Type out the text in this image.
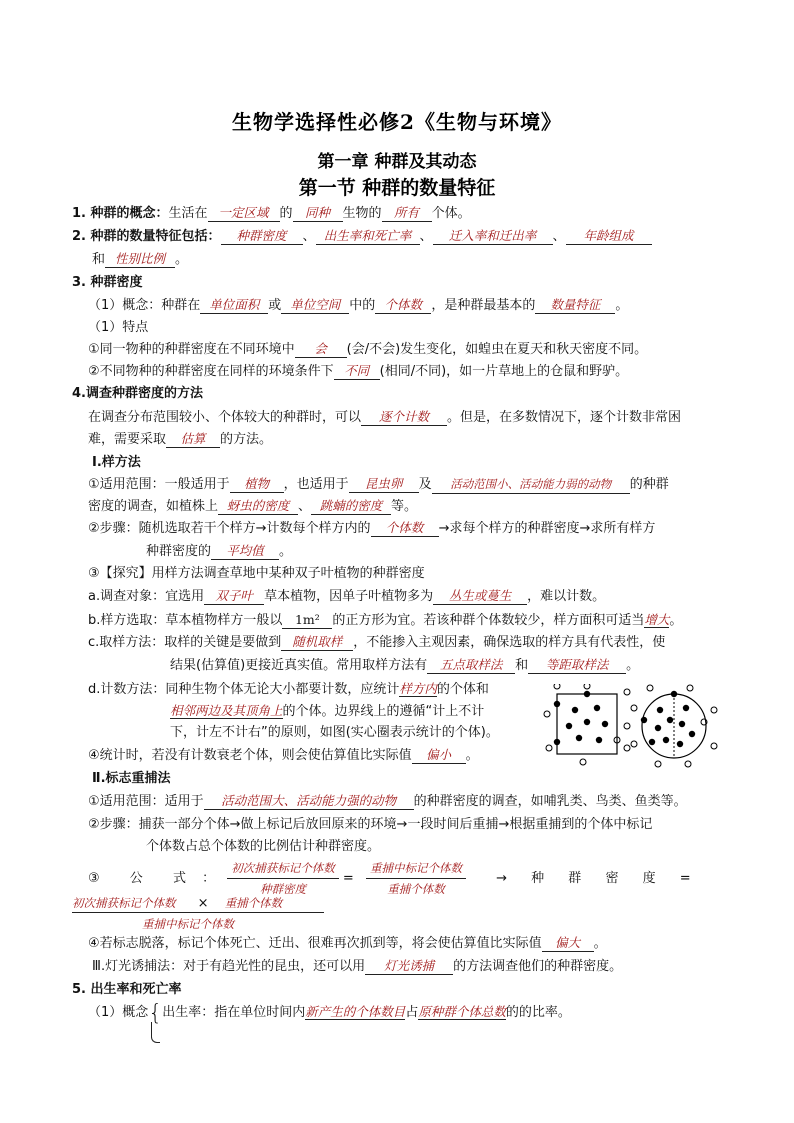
生物学选择性必修2《生物与环境》
第一章 种群及其动态
第一节 种群的数量特征
1. 种群的概念：生活在 一定区域 的 同种 生物的 所有 个体。
2. 种群的数量特征包括： 种群密度 、 出生率和死亡率 、 迁入率和迁出率 、 年龄组成
和 性别比例 。
3. 种群密度
（1）概念：种群在 单位面积 或 单位空间 中的 个体数 ，是种群最基本的 数量特征 。
（1）特点
①同一物种的种群密度在不同环境中 会 (会/不会)发生变化，如蝗虫在夏天和秋天密度不同。
②不同物种的种群密度在同样的环境条件下 不同 (相同/不同)，如一片草地上的仓鼠和野驴。
4.调查种群密度的方法
在调查分布范围较小、个体较大的种群时，可以 逐个计数 。但是，在多数情况下，逐个计数非常困
难，需要采取 估算 的方法。
Ⅰ.样方法
①适用范围：一般适用于 植物 ，也适用于 昆虫卵 及 活动范围小、活动能力弱的动物 的种群
密度的调查，如植株上 蚜虫的密度 、 跳蝻的密度 等。
②步骤：随机选取若干个样方→计数每个样方内的 个体数 →求每个样方的种群密度→求所有样方
种群密度的 平均值 。
③【探究】用样方法调查草地中某种双子叶植物的种群密度
a.调查对象：宜选用 双子叶 草本植物，因单子叶植物多为 丛生或蔓生 ，难以计数。
b.样方选取：草本植物样方一般以 1m² 的正方形为宜。若该种群个体数较少，样方面积可适当增大。
c.取样方法：取样的关键是要做到 随机取样 ，不能掺入主观因素，确保选取的样方具有代表性，使
结果(估算值)更接近真实值。常用取样方法有 五点取样法 和 等距取样法 。
d.计数方法：同种生物个体无论大小都要计数，应统计样方内的个体和
相邻两边及其顶角上的个体。边界线上的遵循“计上不计
下，计左不计右”的原则，如图(实心圈表示统计的个体)。
④统计时，若没有计数衰老个体，则会使估算值比实际值 偏小 。
Ⅱ.标志重捕法
①适用范围：适用于 活动范围大、活动能力强的动物 的种群密度的调查，如哺乳类、鸟类、鱼类等。
②步骤：捕获一部分个体→做上标记后放回原来的环境→一段时间后重捕→根据重捕到的个体中标记
个体数占总个体数的比例估计种群密度。
③ 公 式 ： $\frac{\text{初次捕获标记个体数}}{\text{种群密度}} = \frac{\text{重捕中标记个体数}}{\text{重捕个体数}}$ → 种 群 密 度 =
初次捕获标记个体数 × 重捕个体数
重捕中标记个体数
④若标志脱落，标记个体死亡、迁出、很难再次抓到等，将会使估算值比实际值 偏大 。
Ⅲ.灯光诱捕法：对于有趋光性的昆虫，还可以用 灯光诱捕 的方法调查他们的种群密度。
5. 出生率和死亡率
（1）概念{出生率：指在单位时间内新产生的个体数目占原种群个体总数的的比率。
